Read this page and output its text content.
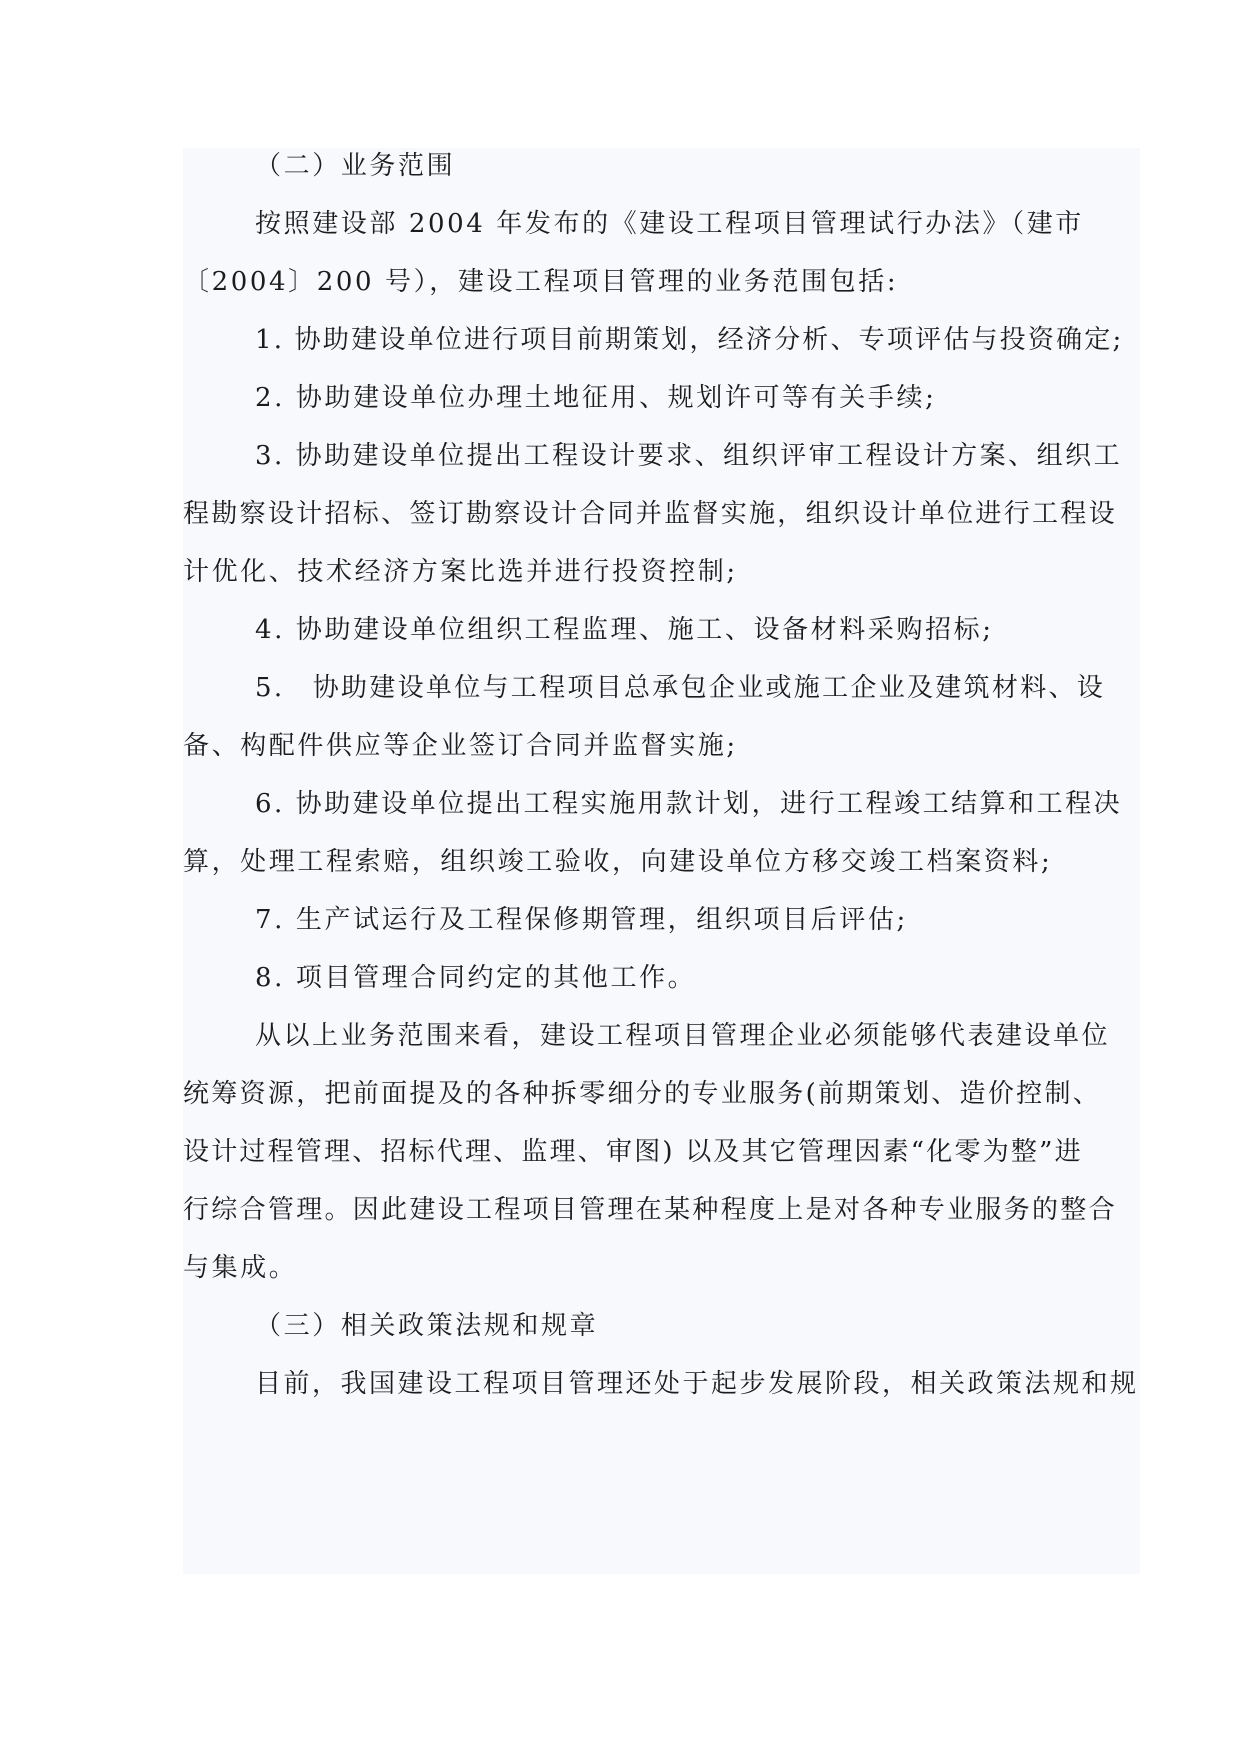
（二）业务范围
按照建设部 2004 年发布的《建设工程项目管理试行办法》（建市
〔2004〕200 号），建设工程项目管理的业务范围包括:
1. 协助建设单位进行项目前期策划，经济分析、专项评估与投资确定;
2. 协助建设单位办理土地征用、规划许可等有关手续;
3. 协助建设单位提出工程设计要求、组织评审工程设计方案、组织工
程勘察设计招标、签订勘察设计合同并监督实施，组织设计单位进行工程设
计优化、技术经济方案比选并进行投资控制;
4. 协助建设单位组织工程监理、施工、设备材料采购招标;
5.　协助建设单位与工程项目总承包企业或施工企业及建筑材料、设
备、构配件供应等企业签订合同并监督实施;
6. 协助建设单位提出工程实施用款计划，进行工程竣工结算和工程决
算，处理工程索赔，组织竣工验收，向建设单位方移交竣工档案资料;
7. 生产试运行及工程保修期管理，组织项目后评估;
8. 项目管理合同约定的其他工作。
从以上业务范围来看，建设工程项目管理企业必须能够代表建设单位
统筹资源，把前面提及的各种拆零细分的专业服务(前期策划、造价控制、
设计过程管理、招标代理、监理、审图) 以及其它管理因素“化零为整”进
行综合管理。因此建设工程项目管理在某种程度上是对各种专业服务的整合
与集成。
（三）相关政策法规和规章
目前，我国建设工程项目管理还处于起步发展阶段，相关政策法规和规
